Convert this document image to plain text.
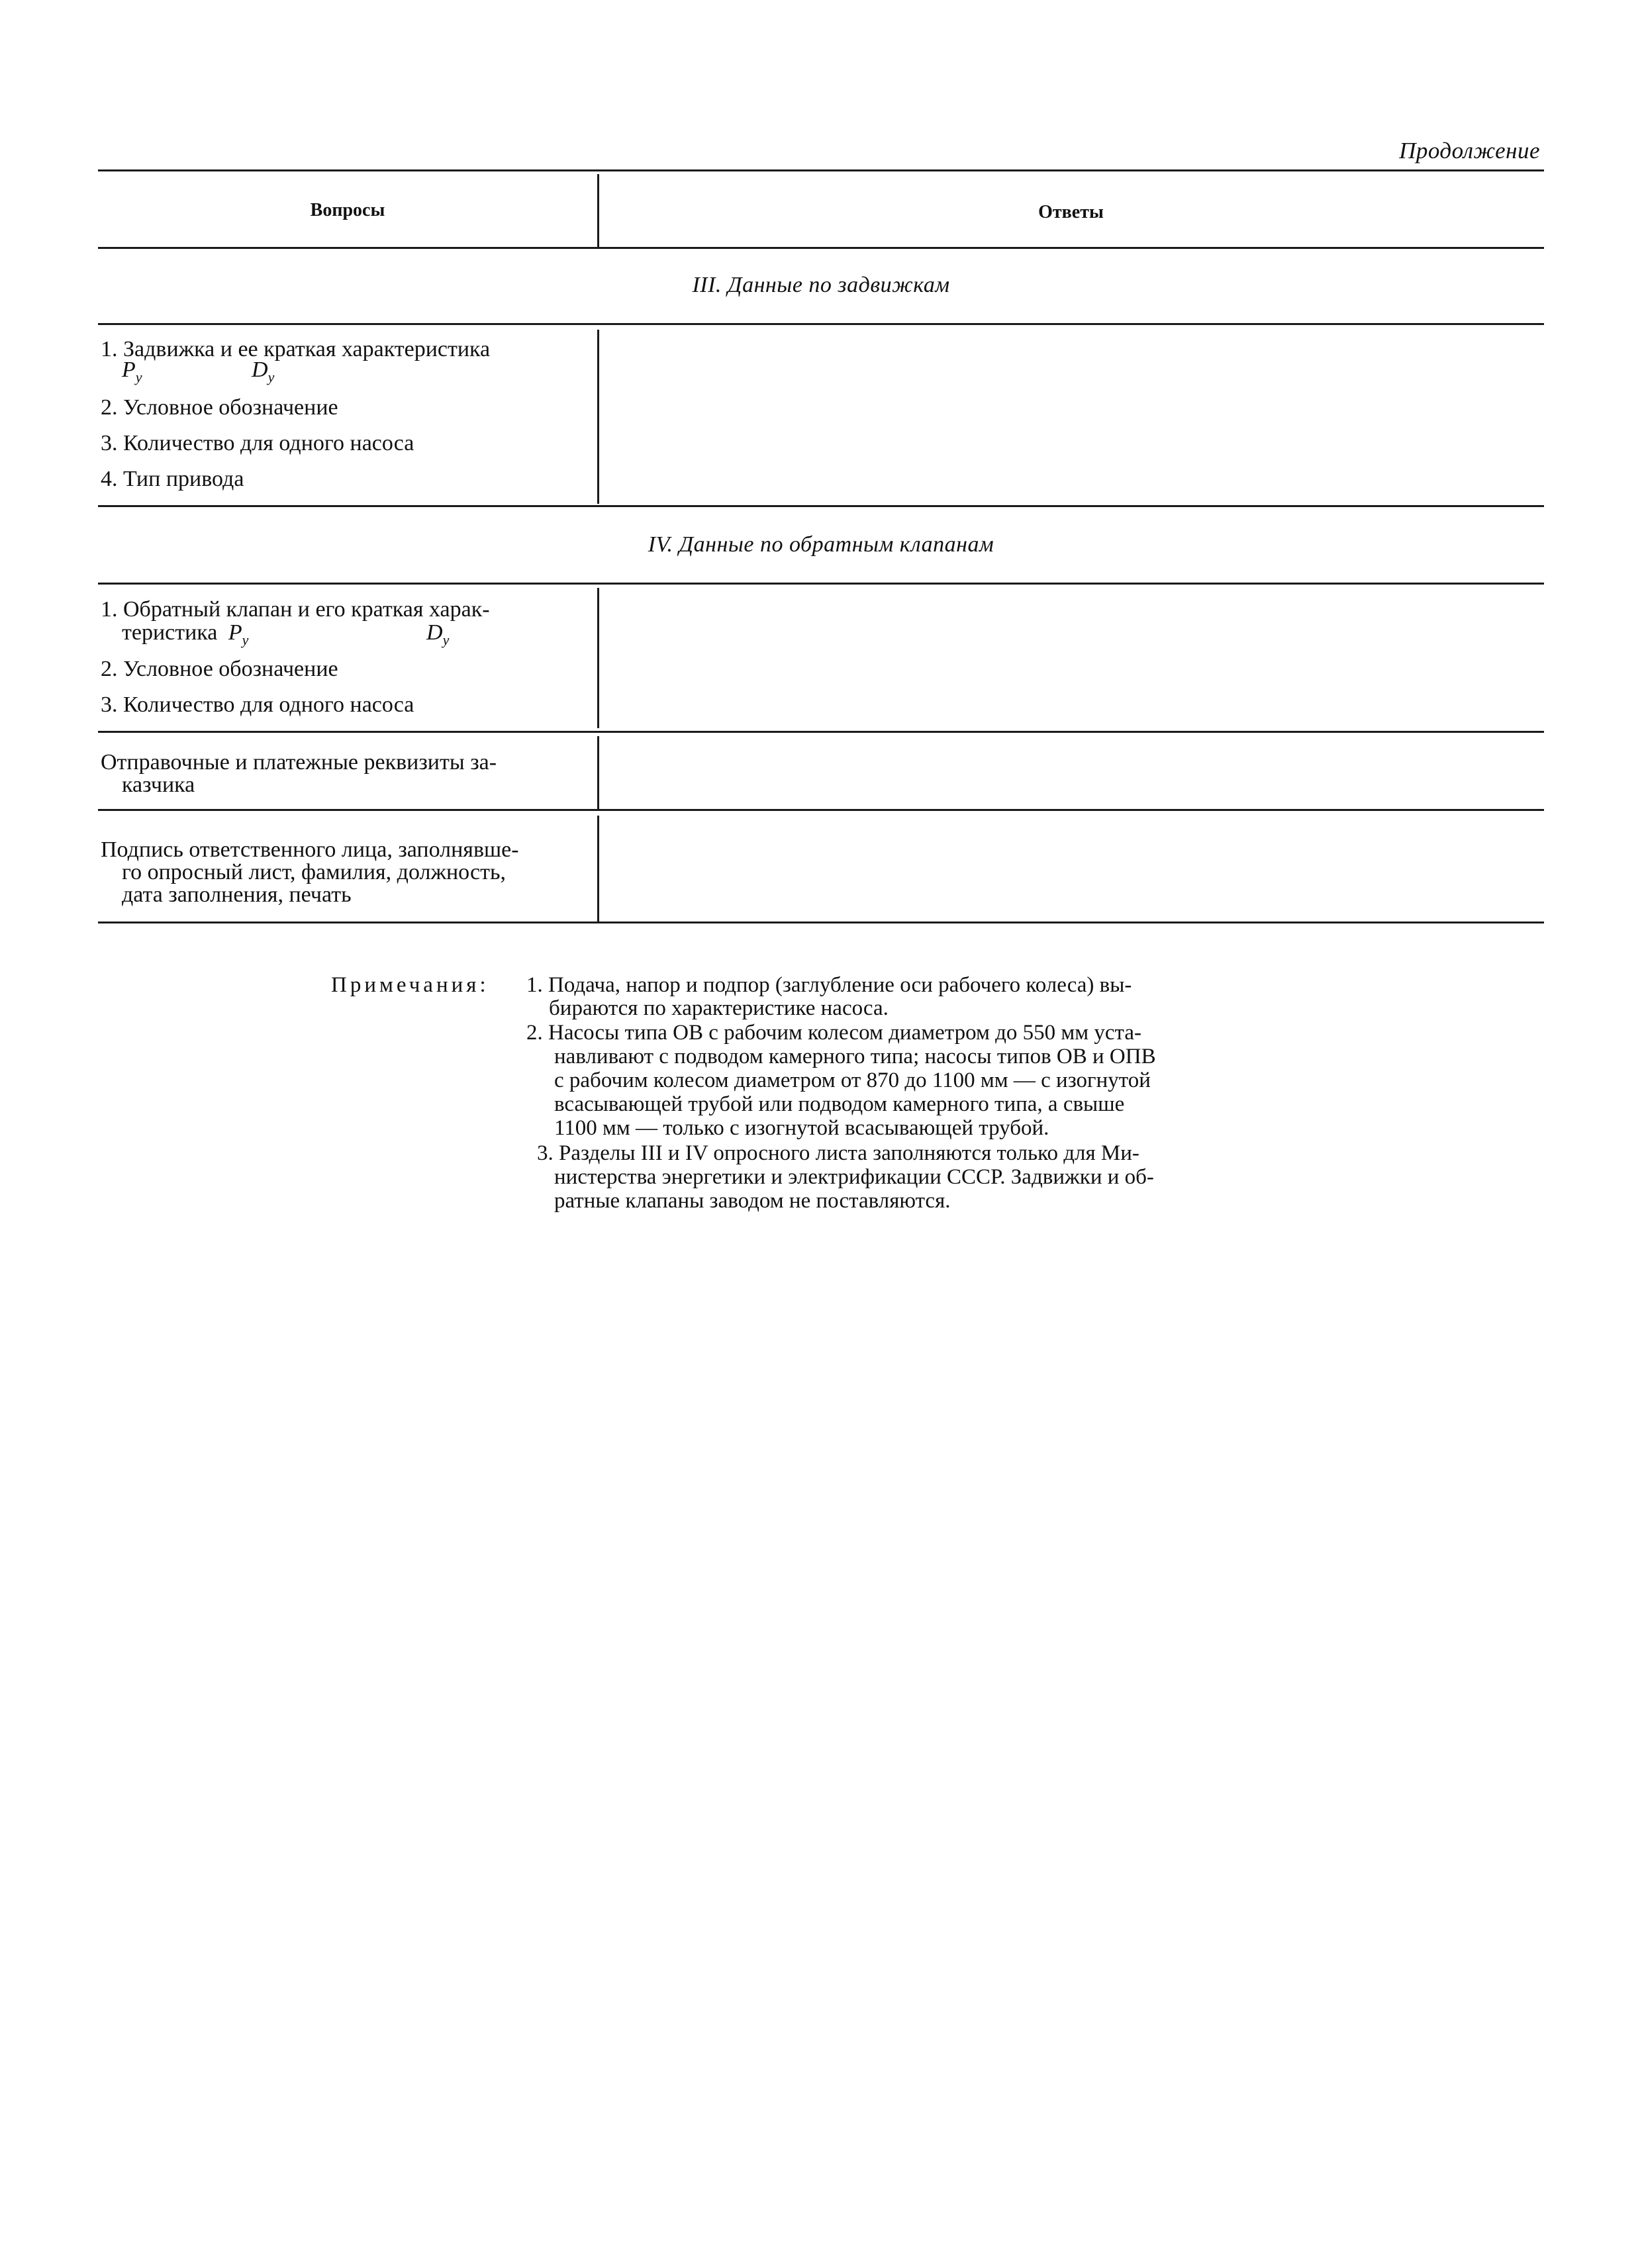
Продолжение
Вопросы	Ответы
III. Данные по задвижкам
1. Задвижка и ее краткая характеристика
$P_y$	$D_y$
2. Условное обозначение
3. Количество для одного насоса
4. Тип привода
IV. Данные по обратным клапанам
1. Обратный клапан и его краткая харак-
теристика $P_y$	$D_y$
2. Условное обозначение
3. Количество для одного насоса
Отправочные и платежные реквизиты за-
казчика
Подпись ответственного лица, заполнявше-
го опросный лист, фамилия, должность,
дата заполнения, печать
Примечания: 1. Подача, напор и подпор (заглубление оси рабочего колеса) вы-
бираются по характеристике насоса.
2. Насосы типа ОВ с рабочим колесом диаметром до 550 мм уста-
навливают с подводом камерного типа; насосы типов ОВ и ОПВ
с рабочим колесом диаметром от 870 до 1100 мм — с изогнутой
всасывающей трубой или подводом камерного типа, а свыше
1100 мм — только с изогнутой всасывающей трубой.
3. Разделы III и IV опросного листа заполняются только для Ми-
нистерства энергетики и электрификации СССР. Задвижки и об-
ратные клапаны заводом не поставляются.
